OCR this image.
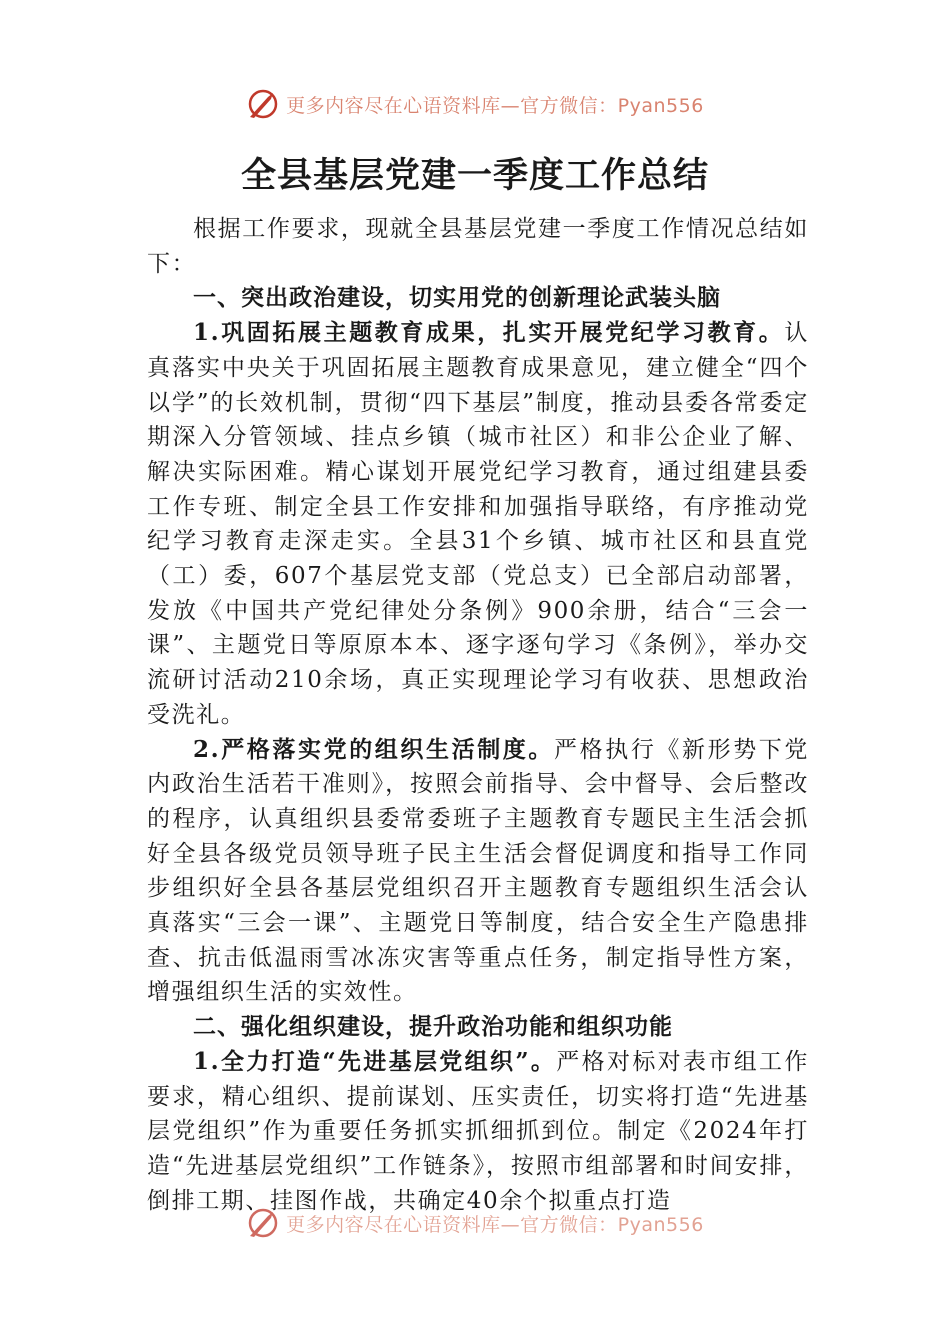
更多内容尽在心语资料库—官方微信：Pyan556
全县基层党建一季度工作总结

根据工作要求，现就全县基层党建一季度工作情况总结如下：

一、突出政治建设，切实用党的创新理论武装头脑

1.巩固拓展主题教育成果，扎实开展党纪学习教育。认真落实中央关于巩固拓展主题教育成果意见，建立健全“四个以学”的长效机制，贯彻“四下基层”制度，推动县委各常委定期深入分管领域、挂点乡镇（城市社区）和非公企业了解、解决实际困难。精心谋划开展党纪学习教育，通过组建县委工作专班、制定全县工作安排和加强指导联络，有序推动党纪学习教育走深走实。全县31个乡镇、城市社区和县直党（工）委，607个基层党支部（党总支）已全部启动部署，发放《中国共产党纪律处分条例》900余册，结合“三会一课”、主题党日等原原本本、逐字逐句学习《条例》，举办交流研讨活动210余场，真正实现理论学习有收获、思想政治受洗礼。

2.严格落实党的组织生活制度。严格执行《新形势下党内政治生活若干准则》，按照会前指导、会中督导、会后整改的程序，认真组织县委常委班子主题教育专题民主生活会抓好全县各级党员领导班子民主生活会督促调度和指导工作同步组织好全县各基层党组织召开主题教育专题组织生活会认真落实“三会一课”、主题党日等制度，结合安全生产隐患排查、抗击低温雨雪冰冻灾害等重点任务，制定指导性方案，增强组织生活的实效性。

二、强化组织建设，提升政治功能和组织功能

1.全力打造“先进基层党组织”。严格对标对表市组工作要求，精心组织、提前谋划、压实责任，切实将打造“先进基层党组织”作为重要任务抓实抓细抓到位。制定《2024年打造“先进基层党组织”工作链条》，按照市组部署和时间安排，倒排工期、挂图作战，共确定40余个拟重点打造

更多内容尽在心语资料库—官方微信：Pyan556
